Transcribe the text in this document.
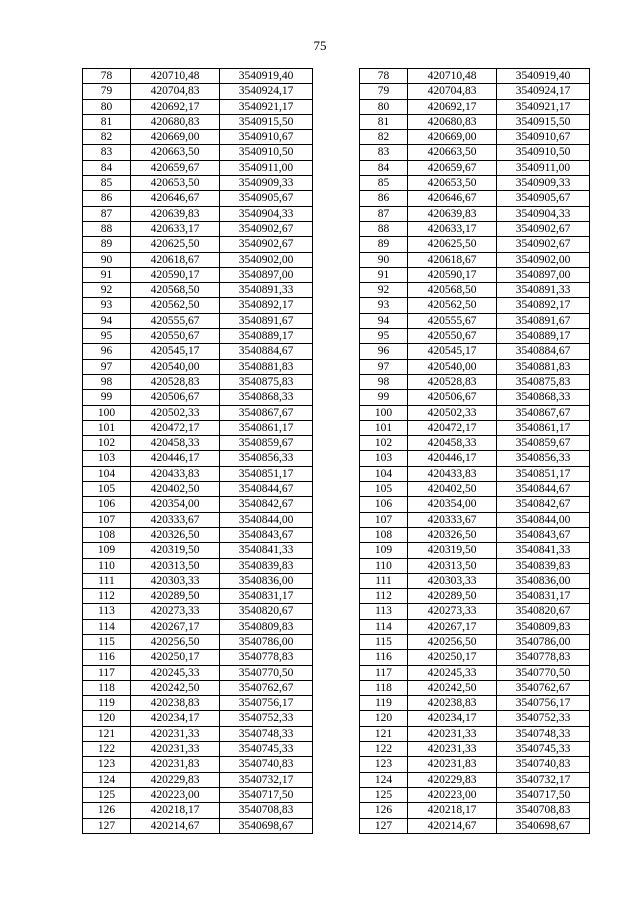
75
78	420710,48	3540919,40		78	420710,48	3540919,40
79	420704,83	3540924,17		79	420704,83	3540924,17
80	420692,17	3540921,17		80	420692,17	3540921,17
81	420680,83	3540915,50		81	420680,83	3540915,50
82	420669,00	3540910,67		82	420669,00	3540910,67
83	420663,50	3540910,50		83	420663,50	3540910,50
84	420659,67	3540911,00		84	420659,67	3540911,00
85	420653,50	3540909,33		85	420653,50	3540909,33
86	420646,67	3540905,67		86	420646,67	3540905,67
87	420639,83	3540904,33		87	420639,83	3540904,33
88	420633,17	3540902,67		88	420633,17	3540902,67
89	420625,50	3540902,67		89	420625,50	3540902,67
90	420618,67	3540902,00		90	420618,67	3540902,00
91	420590,17	3540897,00		91	420590,17	3540897,00
92	420568,50	3540891,33		92	420568,50	3540891,33
93	420562,50	3540892,17		93	420562,50	3540892,17
94	420555,67	3540891,67		94	420555,67	3540891,67
95	420550,67	3540889,17		95	420550,67	3540889,17
96	420545,17	3540884,67		96	420545,17	3540884,67
97	420540,00	3540881,83		97	420540,00	3540881,83
98	420528,83	3540875,83		98	420528,83	3540875,83
99	420506,67	3540868,33		99	420506,67	3540868,33
100	420502,33	3540867,67		100	420502,33	3540867,67
101	420472,17	3540861,17		101	420472,17	3540861,17
102	420458,33	3540859,67		102	420458,33	3540859,67
103	420446,17	3540856,33		103	420446,17	3540856,33
104	420433,83	3540851,17		104	420433,83	3540851,17
105	420402,50	3540844,67		105	420402,50	3540844,67
106	420354,00	3540842,67		106	420354,00	3540842,67
107	420333,67	3540844,00		107	420333,67	3540844,00
108	420326,50	3540843,67		108	420326,50	3540843,67
109	420319,50	3540841,33		109	420319,50	3540841,33
110	420313,50	3540839,83		110	420313,50	3540839,83
111	420303,33	3540836,00		111	420303,33	3540836,00
112	420289,50	3540831,17		112	420289,50	3540831,17
113	420273,33	3540820,67		113	420273,33	3540820,67
114	420267,17	3540809,83		114	420267,17	3540809,83
115	420256,50	3540786,00		115	420256,50	3540786,00
116	420250,17	3540778,83		116	420250,17	3540778,83
117	420245,33	3540770,50		117	420245,33	3540770,50
118	420242,50	3540762,67		118	420242,50	3540762,67
119	420238,83	3540756,17		119	420238,83	3540756,17
120	420234,17	3540752,33		120	420234,17	3540752,33
121	420231,33	3540748,33		121	420231,33	3540748,33
122	420231,33	3540745,33		122	420231,33	3540745,33
123	420231,83	3540740,83		123	420231,83	3540740,83
124	420229,83	3540732,17		124	420229,83	3540732,17
125	420223,00	3540717,50		125	420223,00	3540717,50
126	420218,17	3540708,83		126	420218,17	3540708,83
127	420214,67	3540698,67		127	420214,67	3540698,67
